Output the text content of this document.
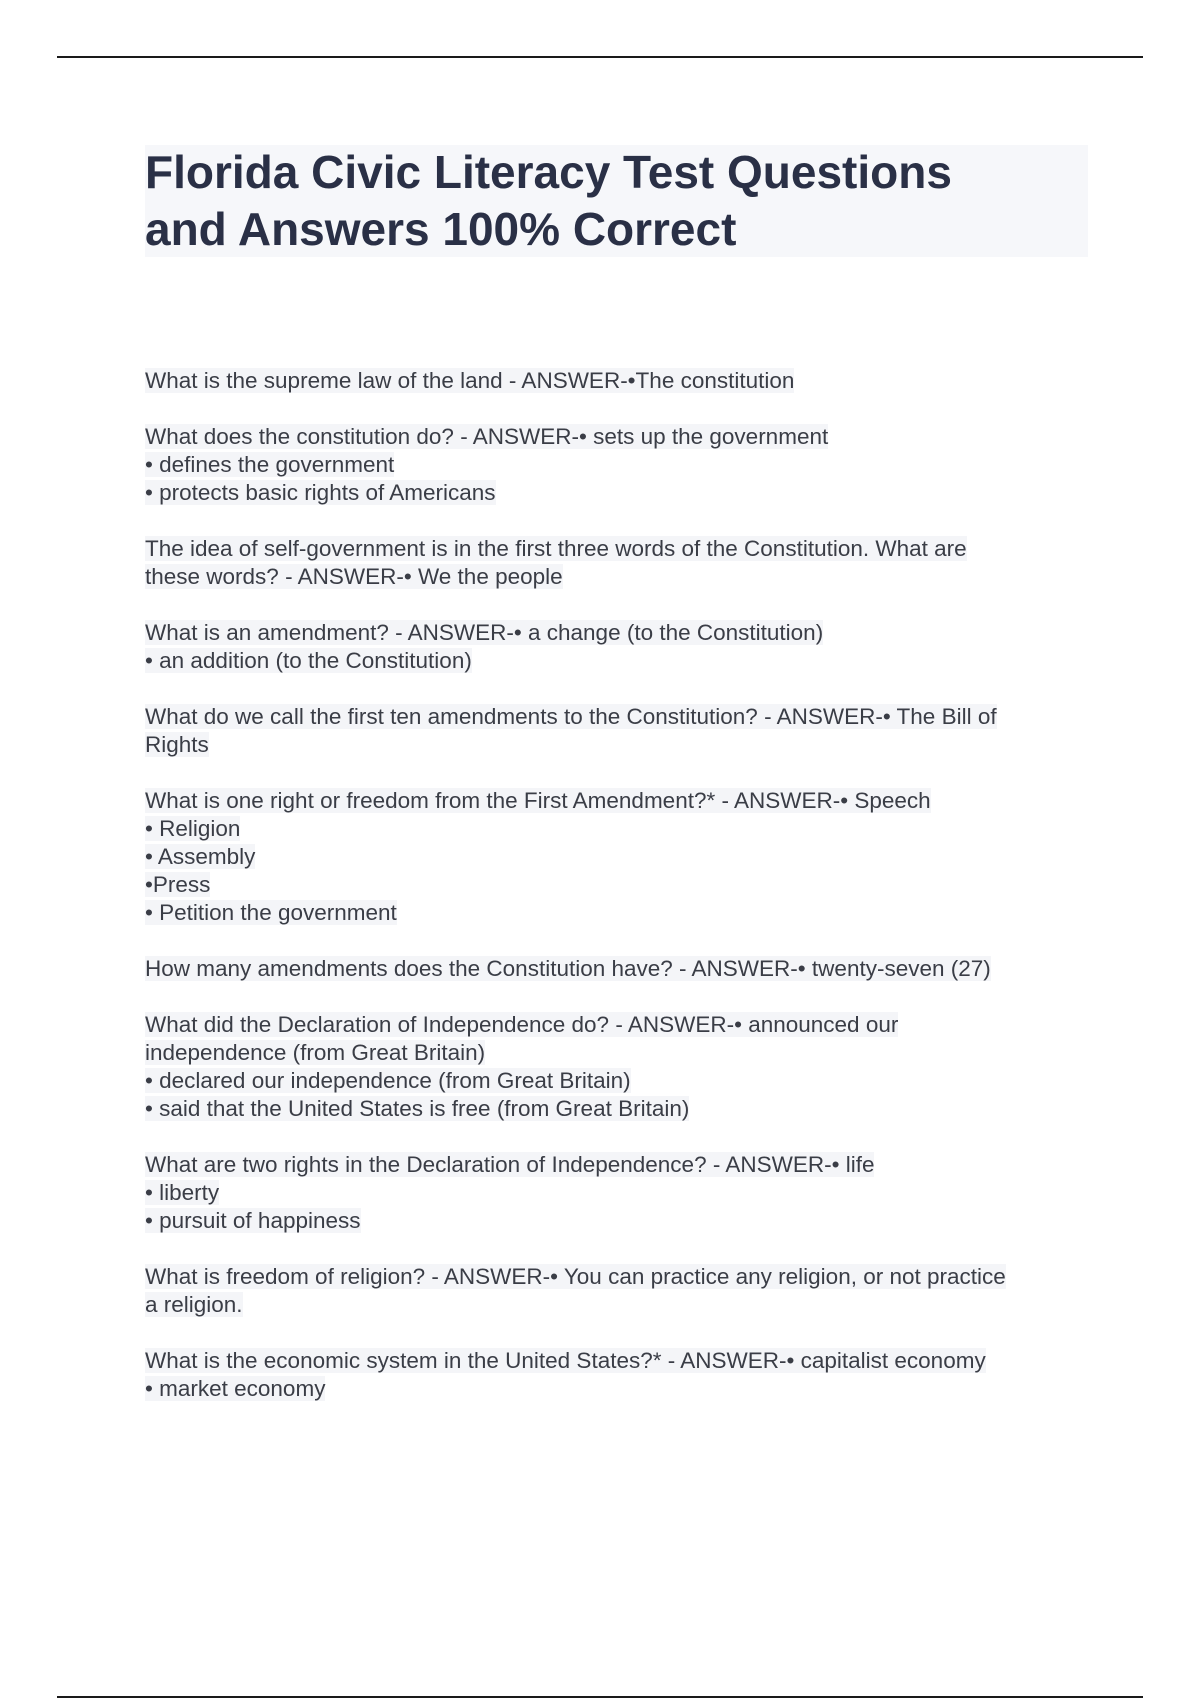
Florida Civic Literacy Test Questions
and Answers 100% Correct
What is the supreme law of the land - ANSWER-•The constitution
What does the constitution do? - ANSWER-• sets up the government
• defines the government
• protects basic rights of Americans
The idea of self-government is in the first three words of the Constitution. What are
these words? - ANSWER-• We the people
What is an amendment? - ANSWER-• a change (to the Constitution)
• an addition (to the Constitution)
What do we call the first ten amendments to the Constitution? - ANSWER-• The Bill of
Rights
What is one right or freedom from the First Amendment?* - ANSWER-• Speech
• Religion
• Assembly
•Press
• Petition the government
How many amendments does the Constitution have? - ANSWER-• twenty-seven (27)
What did the Declaration of Independence do? - ANSWER-• announced our
independence (from Great Britain)
• declared our independence (from Great Britain)
• said that the United States is free (from Great Britain)
What are two rights in the Declaration of Independence? - ANSWER-• life
• liberty
• pursuit of happiness
What is freedom of religion? - ANSWER-• You can practice any religion, or not practice
a religion.
What is the economic system in the United States?* - ANSWER-• capitalist economy
• market economy
